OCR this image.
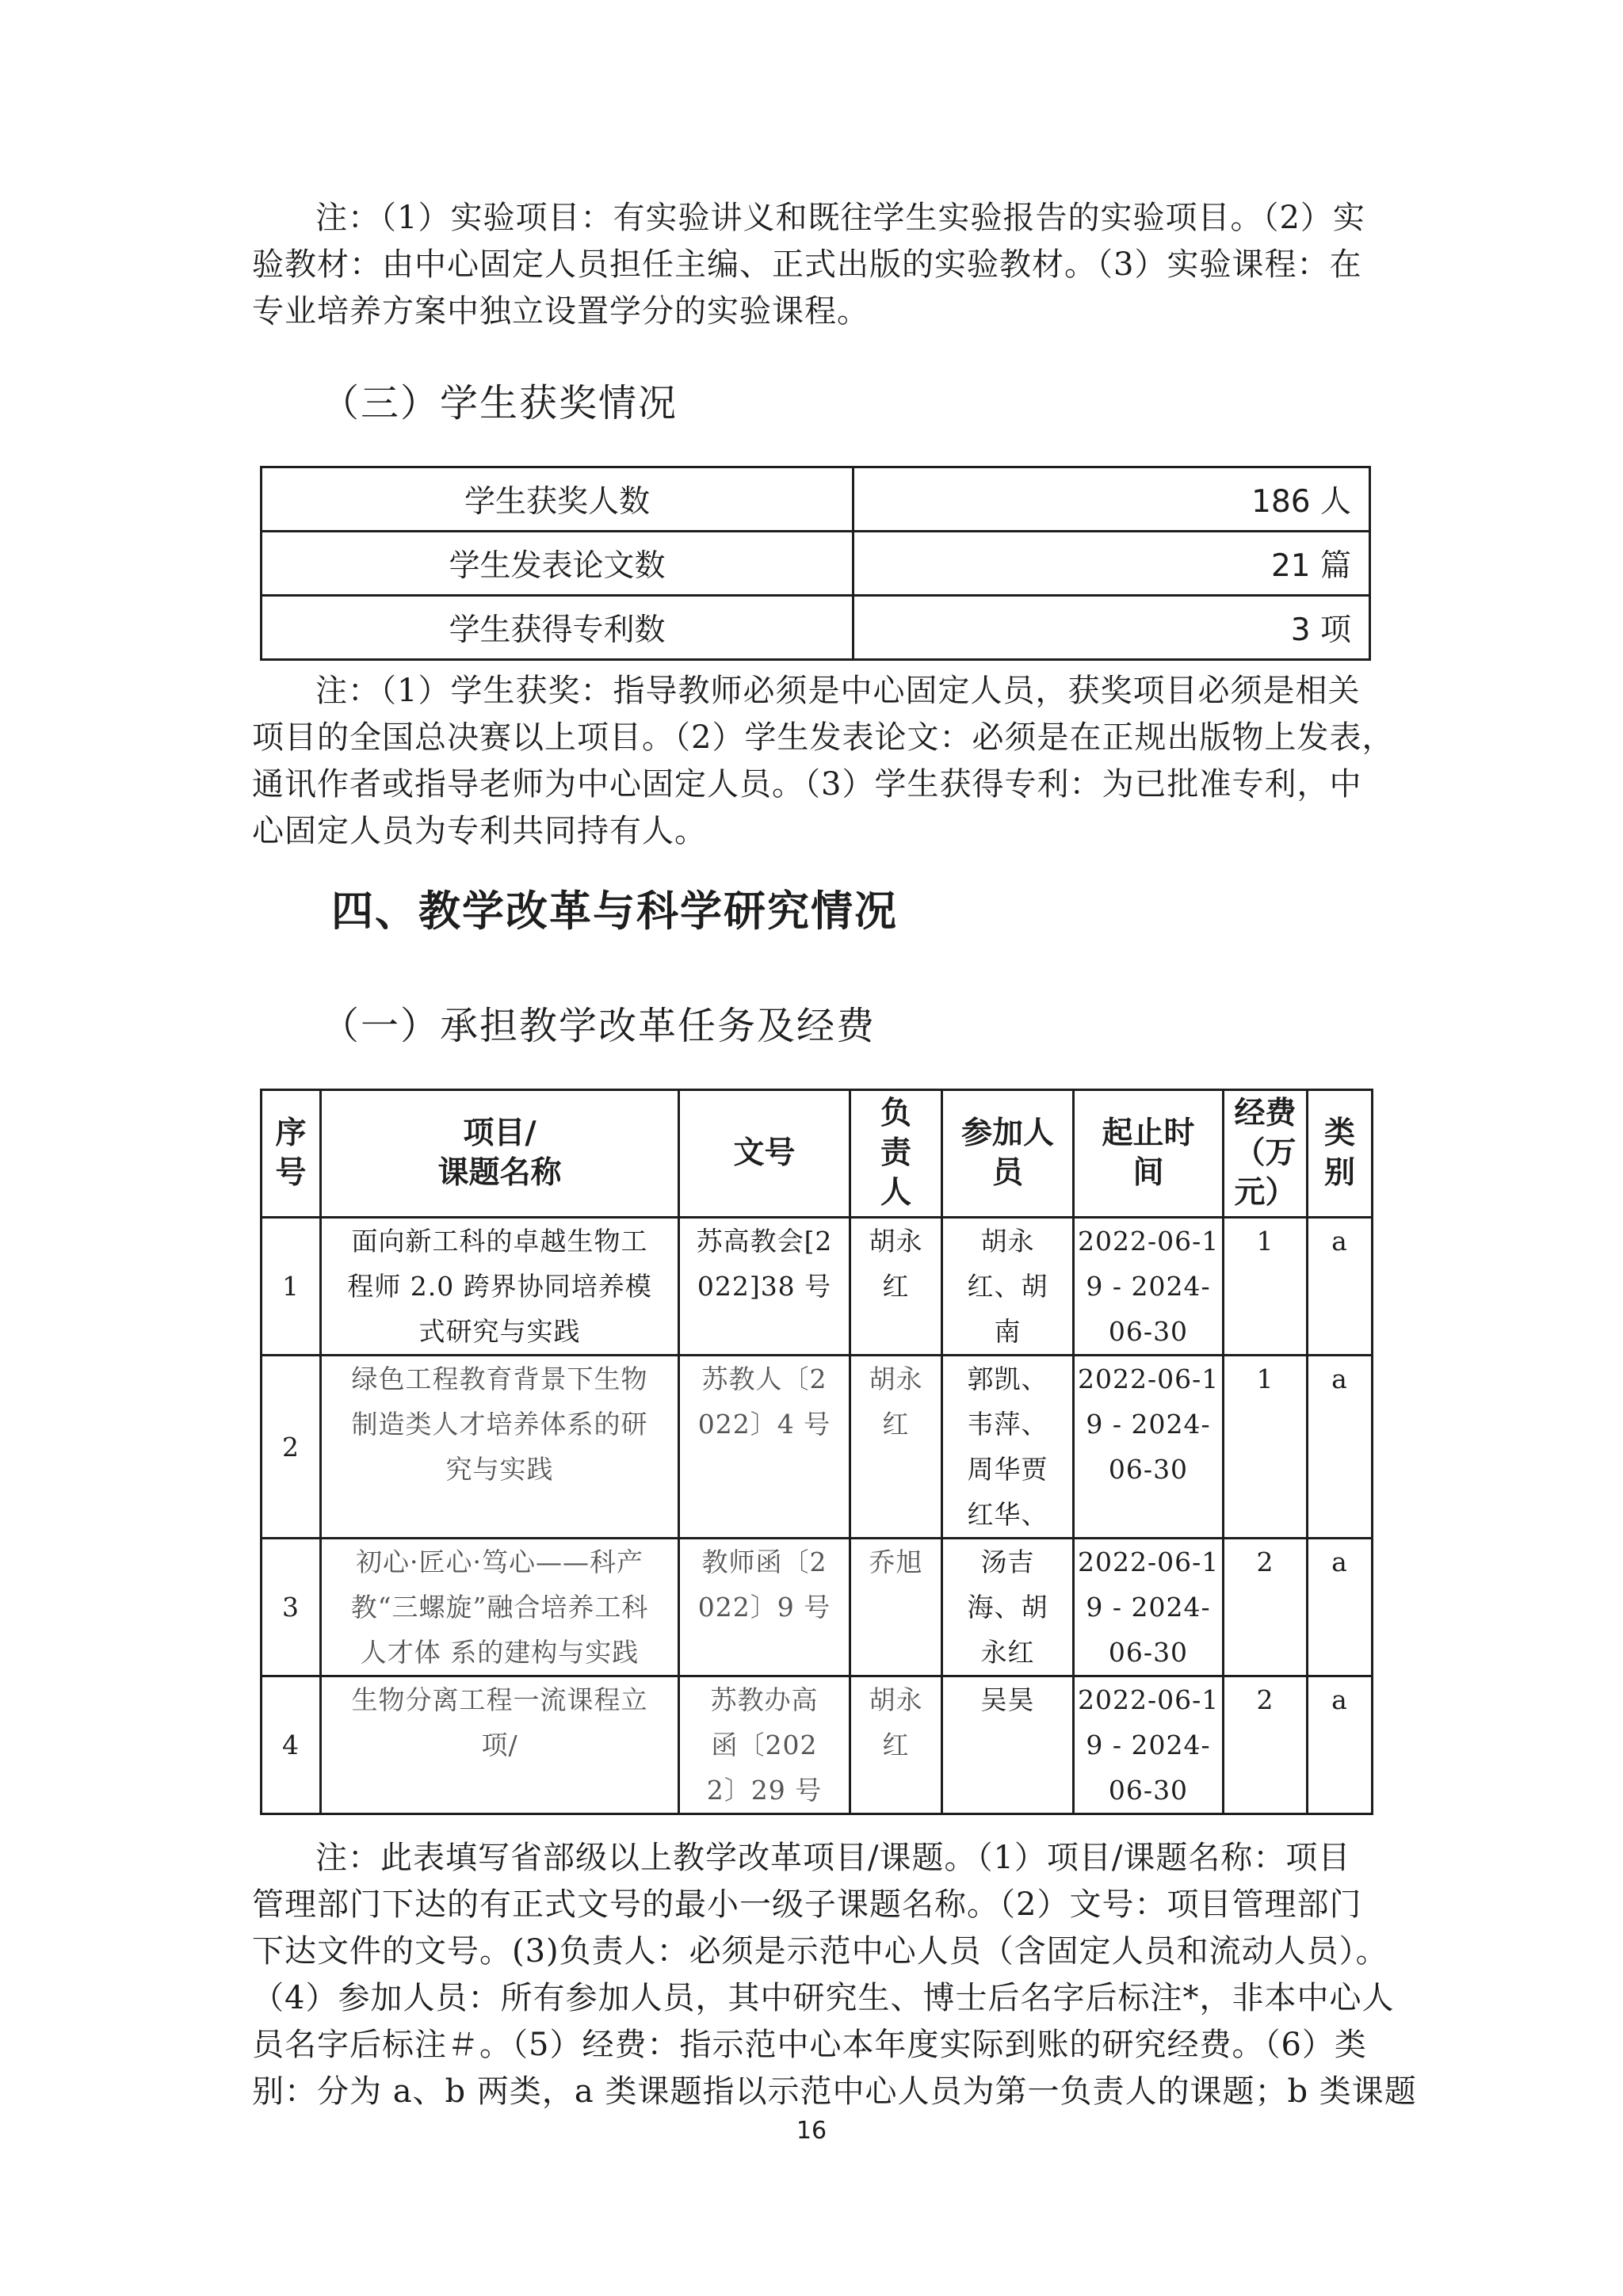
注：（1）实验项目：有实验讲义和既往学生实验报告的实验项目。（2）实
验教材：由中心固定人员担任主编、正式出版的实验教材。（3）实验课程：在
专业培养方案中独立设置学分的实验课程。

（三）学生获奖情况
学生获奖人数	186 人
学生发表论文数	21 篇
学生获得专利数	3 项

注：（1）学生获奖：指导教师必须是中心固定人员，获奖项目必须是相关
项目的全国总决赛以上项目。（2）学生发表论文：必须是在正规出版物上发表，
通讯作者或指导老师为中心固定人员。（3）学生获得专利：为已批准专利，中
心固定人员为专利共同持有人。

四、教学改革与科学研究情况
（一）承担教学改革任务及经费
序
号	项目/
课题名称	文号	负
责
人	参加人
员	起止时
间	经费
（万
元）	类
别

1	面向新工科的卓越生物工
程师 2.0 跨界协同培养模
式研究与实践	苏高教会[2
022]38 号	胡永
红	胡永
红、胡
南	2022-06-1
9 - 2024-
06-30	1	a
2	绿色工程教育背景下生物
制造类人才培养体系的研
究与实践	苏教人〔2
022〕4 号	胡永
红	郭凯、
韦萍、
周华贾
红华、	2022-06-1
9 - 2024-
06-30	1	a
3	初心·匠心·笃心——科产
教“三螺旋”融合培养工科
人才体 系的建构与实践	教师函〔2
022〕9 号	乔旭	汤吉
海、胡
永红	2022-06-1
9 - 2024-
06-30	2	a
4	生物分离工程一流课程立
项/	苏教办高
函〔202
2〕29 号	胡永
红	吴昊	2022-06-1
9 - 2024-
06-30	2	a

注：此表填写省部级以上教学改革项目/课题。（1）项目/课题名称：项目
管理部门下达的有正式文号的最小一级子课题名称。（2）文号：项目管理部门
下达文件的文号。(3)负责人：必须是示范中心人员（含固定人员和流动人员）。
（4）参加人员：所有参加人员，其中研究生、博士后名字后标注*，非本中心人
员名字后标注＃。（5）经费：指示范中心本年度实际到账的研究经费。（6）类
别：分为 a、b 两类，a 类课题指以示范中心人员为第一负责人的课题；b 类课题

16
